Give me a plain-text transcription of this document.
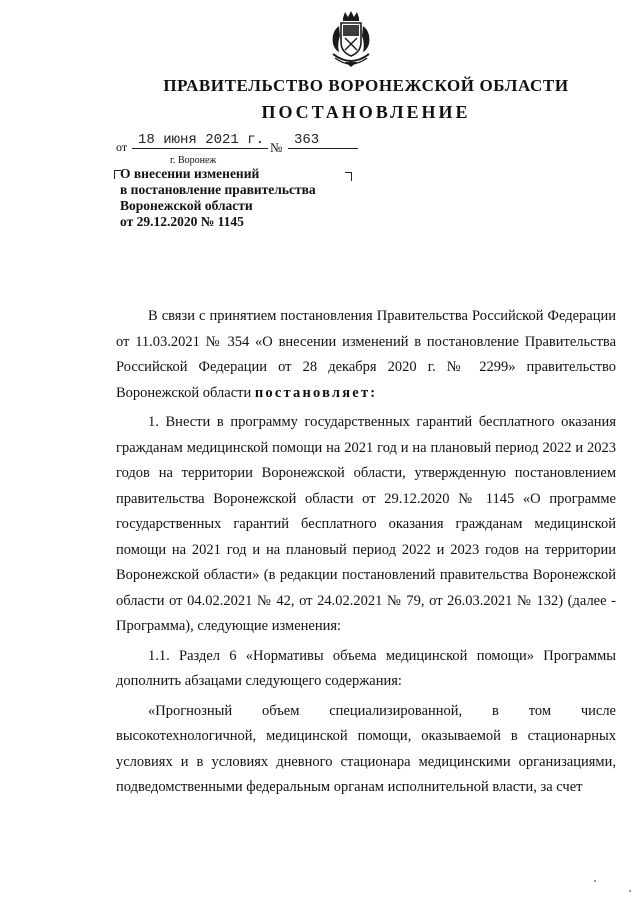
ПРАВИТЕЛЬСТВО ВОРОНЕЖСКОЙ ОБЛАСТИ
ПОСТАНОВЛЕНИЕ
от 18 июня 2021 г. № 363
г. Воронеж
О внесении изменений
в постановление правительства
Воронежской области
от 29.12.2020 № 1145

В связи с принятием постановления Правительства Российской Федерации от 11.03.2021 № 354 «О внесении изменений в постановление Правительства Российской Федерации от 28 декабря 2020 г. № 2299» правительство Воронежской области постановляет:

1. Внести в программу государственных гарантий бесплатного оказания гражданам медицинской помощи на 2021 год и на плановый период 2022 и 2023 годов на территории Воронежской области, утвержденную постановлением правительства Воронежской области от 29.12.2020 № 1145 «О программе государственных гарантий бесплатного оказания гражданам медицинской помощи на 2021 год и на плановый период 2022 и 2023 годов на территории Воронежской области» (в редакции постановлений правительства Воронежской области от 04.02.2021 № 42, от 24.02.2021 № 79, от 26.03.2021 № 132) (далее - Программа), следующие изменения:

1.1. Раздел 6 «Нормативы объема медицинской помощи» Программы дополнить абзацами следующего содержания:

«Прогнозный объем специализированной, в том числе высокотехнологичной, медицинской помощи, оказываемой в стационарных условиях и в условиях дневного стационара медицинскими организациями, подведомственными федеральным органам исполнительной власти, за счет
